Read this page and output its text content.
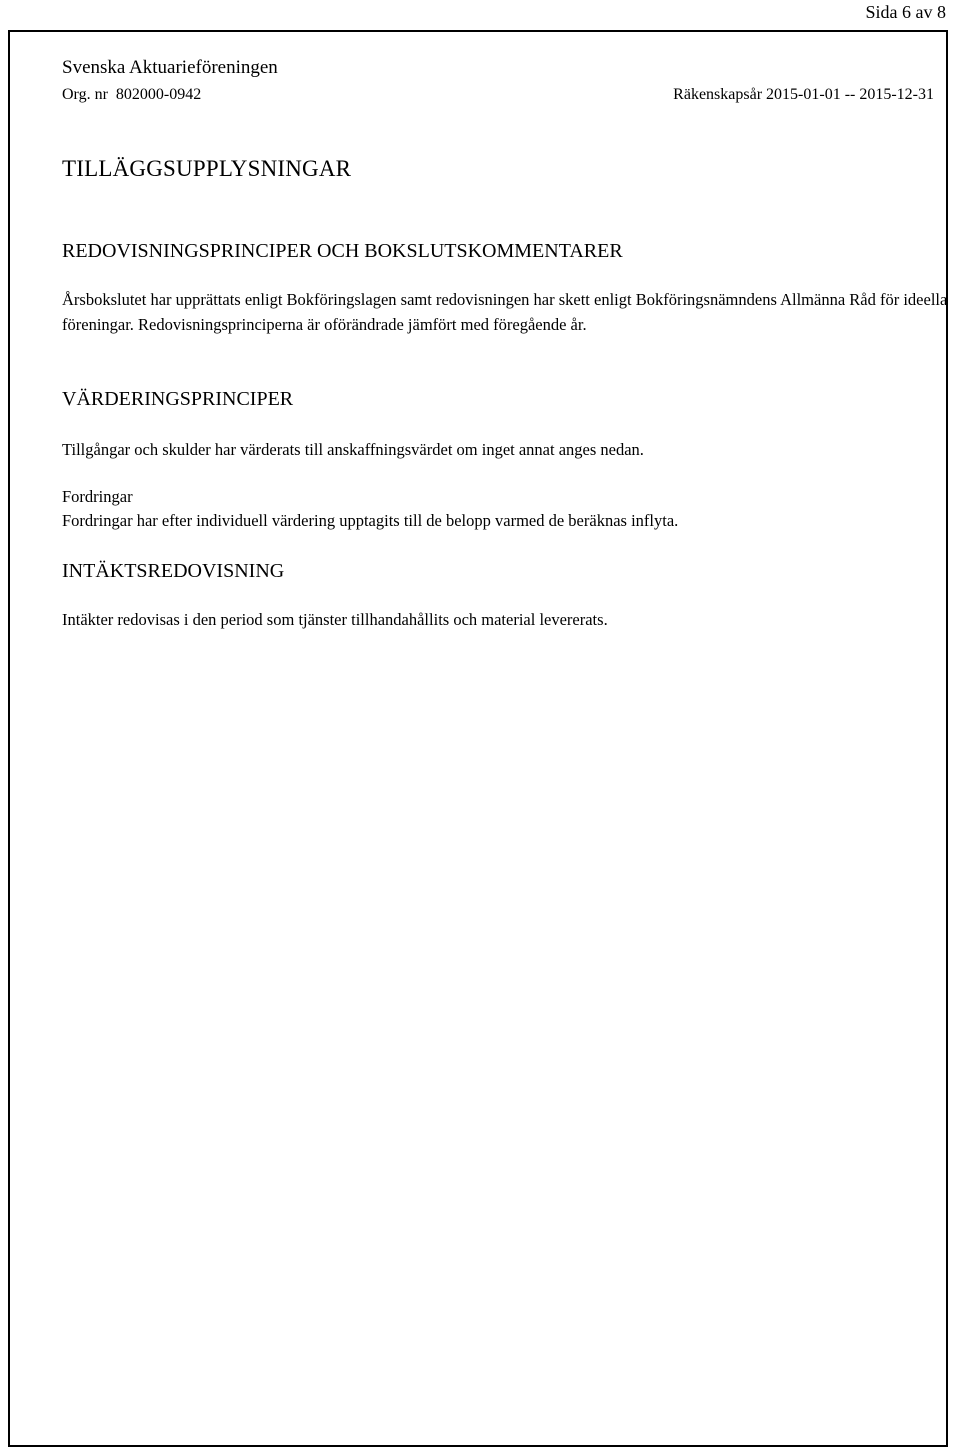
Sida 6 av 8
Svenska Aktuarieföreningen
Org. nr  802000-0942	Räkenskapsår 2015-01-01 -- 2015-12-31
TILLÄGGSUPPLYSNINGAR
REDOVISNINGSPRINCIPER OCH BOKSLUTSKOMMENTARER
Årsbokslutet har upprättats enligt Bokföringslagen samt redovisningen har skett enligt Bokföringsnämndens Allmänna Råd för ideella föreningar. Redovisningsprinciperna är oförändrade jämfört med föregående år.
VÄRDERINGSPRINCIPER
Tillgångar och skulder har värderats till anskaffningsvärdet om inget annat anges nedan.
Fordringar
Fordringar har efter individuell värdering upptagits till de belopp varmed de beräknas inflyta.
INTÄKTSREDOVISNING
Intäkter redovisas i den period som tjänster tillhandahållits och material levererats.
